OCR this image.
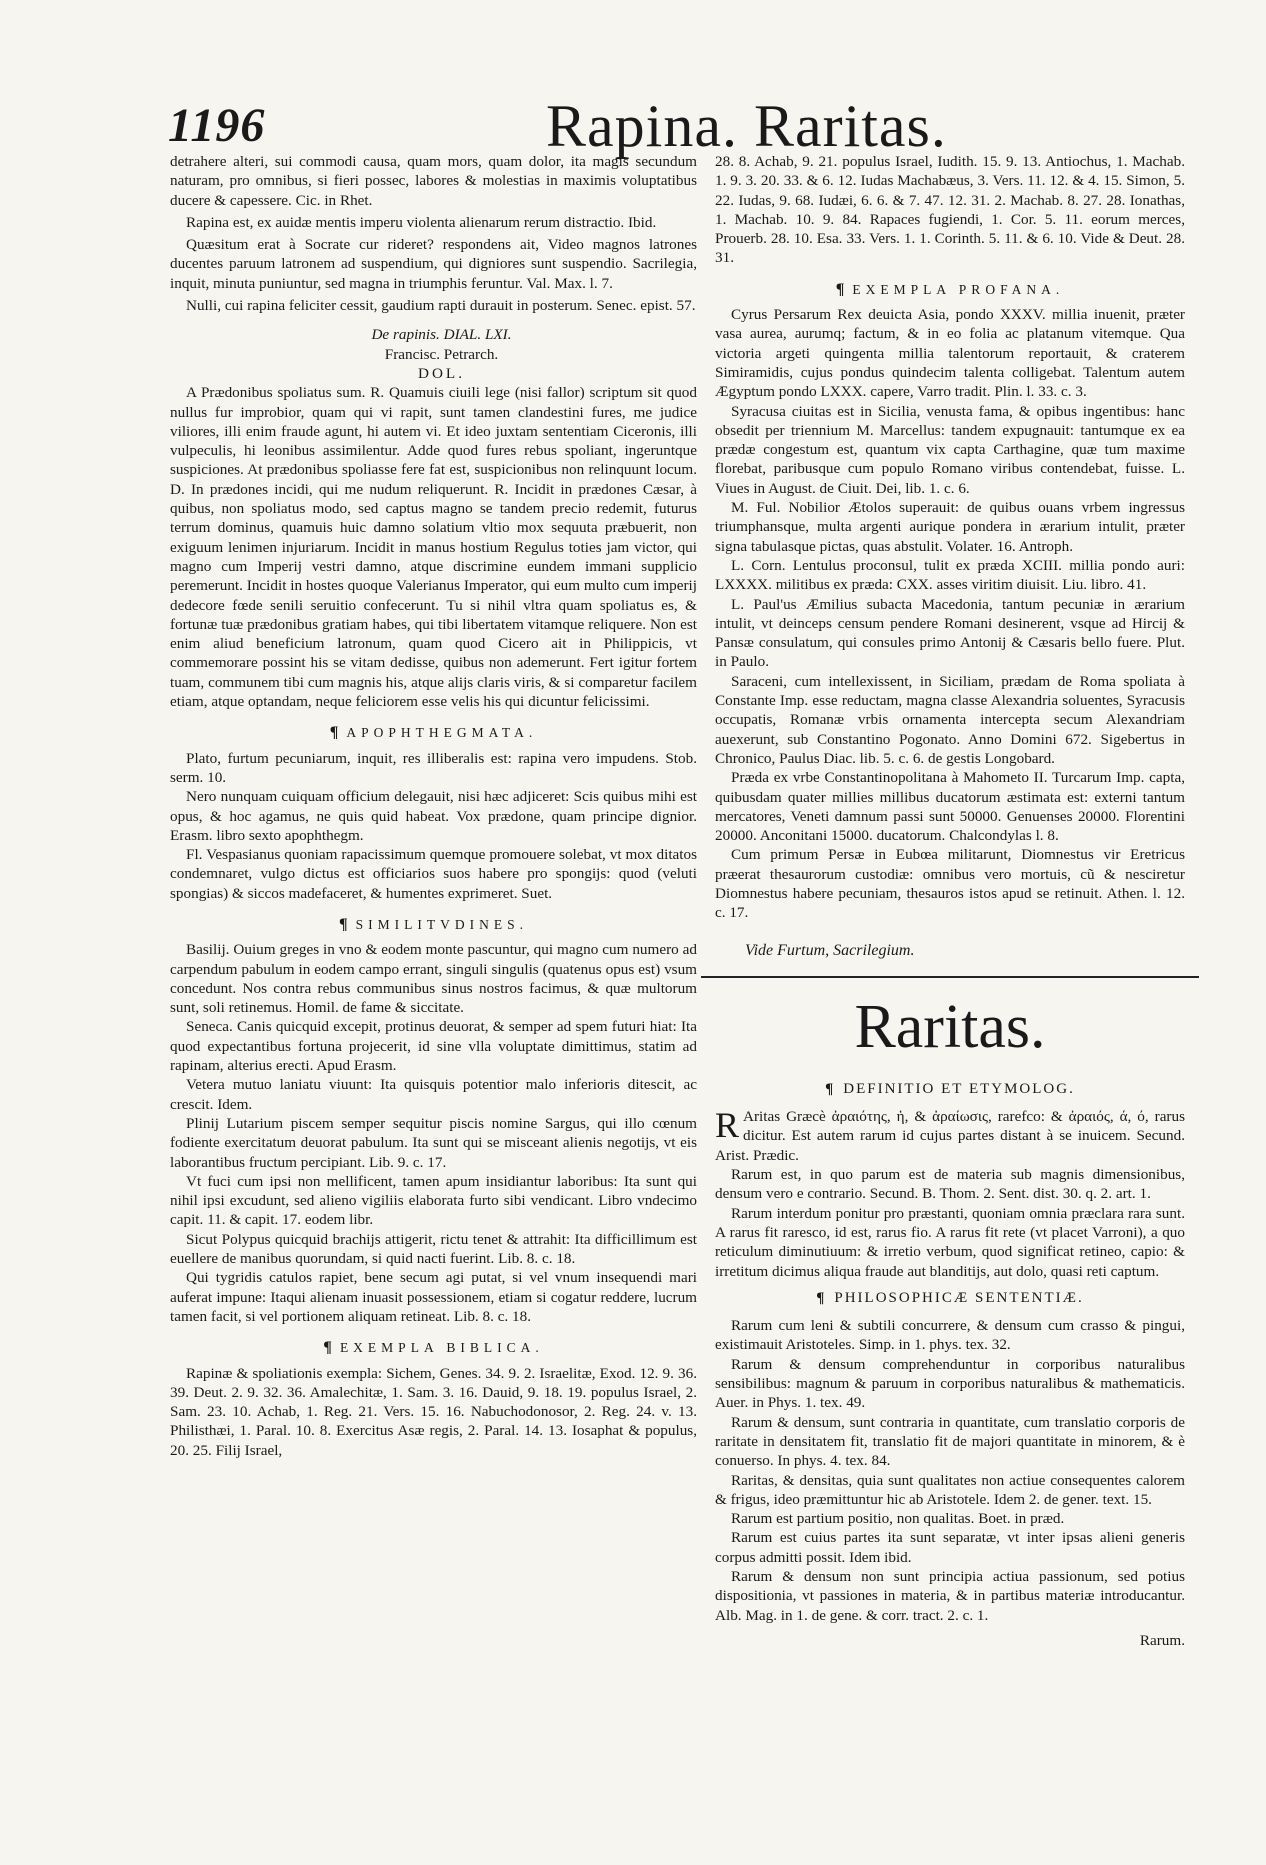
1196	Rapina. Raritas.

detrahere alteri, sui commodi causa, quam mors, quam dolor, ita magis secundum naturam, pro omnibus, si fieri possec, labores & molestias in maximis voluptatibus ducere & capessere. Cic. in Rhet.

Rapina est, ex auidæ mentis imperu violenta alienarum rerum distractio. Ibid.

Quæsitum erat à Socrate cur rideret? respondens ait, Video magnos latrones ducentes paruum latronem ad suspendium, qui digniores sunt suspendio. Sacrilegia, inquit, minuta puniuntur, sed magna in triumphis feruntur. Val. Max. l. 7.

Nulli, cui rapina feliciter cessit, gaudium rapti durauit in posterum. Senec. epist. 57.

De rapinis. DIAL. LXI.

Francisc. Petrarch.

DOL.

A Prædonibus spoliatus sum. R. Quamuis ciuili lege (nisi fallor) scriptum sit quod nullus fur improbior, quam qui vi rapit, sunt tamen clandestini fures, me judice viliores, illi enim fraude agunt, hi autem vi. Et ideo juxtam sententiam Ciceronis, illi vulpeculis, hi leonibus assimilentur. Adde quod fures rebus spoliant, ingeruntque suspiciones. At prædonibus spoliasse fere fat est, suspicionibus non relinquunt locum. D. In prædones incidi, qui me nudum reliquerunt. R. Incidit in prædones Cæsar, à quibus, non spoliatus modo, sed captus magno se tandem precio redemit, futurus terrum dominus, quamuis huic damno solatium vltio mox sequuta præbuerit, non exiguum lenimen injuriarum. Incidit in manus hostium Regulus toties jam victor, qui magno cum Imperij vestri damno, atque discrimine eundem immani supplicio peremerunt. Incidit in hostes quoque Valerianus Imperator, qui eum multo cum imperij dedecore fœde senili seruitio confecerunt. Tu si nihil vltra quam spoliatus es, & fortunæ tuæ prædonibus gratiam habes, qui tibi libertatem vitamque reliquere. Non est enim aliud beneficium latronum, quam quod Cicero ait in Philippicis, vt commemorare possint his se vitam dedisse, quibus non ademerunt. Fert igitur fortem tuam, communem tibi cum magnis his, atque alijs claris viris, & si comparetur facilem etiam, atque optandam, neque feliciorem esse velis his qui dicuntur felicissimi.

¶ APOPHTHEGMATA.

Plato, furtum pecuniarum, inquit, res illiberalis est: rapina vero impudens. Stob. serm. 10.

Nero nunquam cuiquam officium delegauit, nisi hæc adjiceret: Scis quibus mihi est opus, & hoc agamus, ne quis quid habeat. Vox prædone, quam principe dignior. Erasm. libro sexto apophthegm.

Fl. Vespasianus quoniam rapacissimum quemque promouere solebat, vt mox ditatos condemnaret, vulgo dictus est officiarios suos habere pro spongijs: quod (veluti spongias) & siccos madefaceret, & humentes exprimeret. Suet.

¶ SIMILITVDINES.

Basilij. Ouium greges in vno & eodem monte pascuntur, qui magno cum numero ad carpendum pabulum in eodem campo errant, singuli singulis (quatenus opus est) vsum concedunt. Nos contra rebus communibus sinus nostros facimus, & quæ multorum sunt, soli retinemus. Homil. de fame & siccitate.

Seneca. Canis quicquid excepit, protinus deuorat, & semper ad spem futuri hiat: Ita quod expectantibus fortuna projecerit, id sine vlla voluptate dimittimus, statim ad rapinam, alterius erecti. Apud Erasm.

Vetera mutuo laniatu viuunt: Ita quisquis potentior malo inferioris ditescit, ac crescit. Idem.

Plinij Lutarium piscem semper sequitur piscis nomine Sargus, qui illo cœnum fodiente exercitatum deuorat pabulum. Ita sunt qui se misceant alienis negotijs, vt eis laborantibus fructum percipiant. Lib. 9. c. 17.

Vt fuci cum ipsi non mellificent, tamen apum insidiantur laboribus: Ita sunt qui nihil ipsi excudunt, sed alieno vigiliis elaborata furto sibi vendicant. Libro vndecimo capit. 11. & capit. 17. eodem libr.

Sicut Polypus quicquid brachijs attigerit, rictu tenet & attrahit: Ita difficillimum est euellere de manibus quorundam, si quid nacti fuerint. Lib. 8. c. 18.

Qui tygridis catulos rapiet, bene secum agi putat, si vel vnum insequendi mari auferat impune: Itaqui alienam inuasit possessionem, etiam si cogatur reddere, lucrum tamen facit, si vel portionem aliquam retineat. Lib. 8. c. 18.

¶ EXEMPLA BIBLICA.

Rapinæ & spoliationis exempla: Sichem, Genes. 34. 9. 2. Israelitæ, Exod. 12. 9. 36. 39. Deut. 2. 9. 32. 36. Amalechitæ, 1. Sam. 3. 16. Dauid, 9. 18. 19. populus Israel, 2. Sam. 23. 10. Achab, 1. Reg. 21. Vers. 15. 16. Nabuchodonosor, 2. Reg. 24. v. 13. Philisthæi, 1. Paral. 10. 8. Exercitus Asæ regis, 2. Paral. 14. 13. Iosaphat & populus, 20. 25. Filij Israel,

28. 8. Achab, 9. 21. populus Israel, Iudith. 15. 9. 13. Antiochus, 1. Machab. 1. 9. 3. 20. 33. & 6. 12. Iudas Machabæus, 3. Vers. 11. 12. & 4. 15. Simon, 5. 22. Iudas, 9. 68. Iudæi, 6. 6. & 7. 47. 12. 31. 2. Machab. 8. 27. 28. Ionathas, 1. Machab. 10. 9. 84. Rapaces fugiendi, 1. Cor. 5. 11. eorum merces, Prouerb. 28. 10. Esa. 33. Vers. 1. 1. Corinth. 5. 11. & 6. 10. Vide & Deut. 28. 31.

¶ EXEMPLA PROFANA.

Cyrus Persarum Rex deuicta Asia, pondo XXXV. millia inuenit, præter vasa aurea, aurumq; factum, & in eo folia ac platanum vitemque. Qua victoria argeti quingenta millia talentorum reportauit, & craterem Simiramidis, cujus pondus quindecim talenta colligebat. Talentum autem Ægyptum pondo LXXX. capere, Varro tradit. Plin. l. 33. c. 3.

Syracusa ciuitas est in Sicilia, venusta fama, & opibus ingentibus: hanc obsedit per triennium M. Marcellus: tandem expugnauit: tantumque ex ea prædæ congestum est, quantum vix capta Carthagine, quæ tum maxime florebat, paribusque cum populo Romano viribus contendebat, fuisse. L. Viues in August. de Ciuit. Dei, lib. 1. c. 6.

M. Ful. Nobilior Ætolos superauit: de quibus ouans vrbem ingressus triumphansque, multa argenti aurique pondera in ærarium intulit, præter signa tabulasque pictas, quas abstulit. Volater. 16. Antroph.

L. Corn. Lentulus proconsul, tulit ex præda XCIII. millia pondo auri: LXXXX. militibus ex præda: CXX. asses viritim diuisit. Liu. libro. 41.

L. Paul'us Æmilius subacta Macedonia, tantum pecuniæ in ærarium intulit, vt deinceps censum pendere Romani desinerent, vsque ad Hircij & Pansæ consulatum, qui consules primo Antonij & Cæsaris bello fuere. Plut. in Paulo.

Saraceni, cum intellexissent, in Siciliam, prædam de Roma spoliata à Constante Imp. esse reductam, magna classe Alexandria soluentes, Syracusis occupatis, Romanæ vrbis ornamenta intercepta secum Alexandriam auexerunt, sub Constantino Pogonato. Anno Domini 672. Sigebertus in Chronico, Paulus Diac. lib. 5. c. 6. de gestis Longobard.

Præda ex vrbe Constantinopolitana à Mahometo II. Turcarum Imp. capta, quibusdam quater millies millibus ducatorum æstimata est: externi tantum mercatores, Veneti damnum passi sunt 50000. Genuenses 20000. Florentini 20000. Anconitani 15000. ducatorum. Chalcondylas l. 8.

Cum primum Persæ in Eubœa militarunt, Diomnestus vir Eretricus præerat thesaurorum custodiæ: omnibus vero mortuis, cũ & nesciretur Diomnestus habere pecuniam, thesauros istos apud se retinuit. Athen. l. 12. c. 17.

Vide Furtum, Sacrilegium.
Raritas.
¶ DEFINITIO ET ETYMOLOG.

R Aritas Græcè ἀραιότης, ἡ, & ἀραίωσις, rarefco: & ἀραιός, ά, ό, rarus dicitur. Est autem rarum id cujus partes distant à se inuicem. Secund. Arist. Prædic.

Rarum est, in quo parum est de materia sub magnis dimensionibus, densum vero e contrario. Secund. B. Thom. 2. Sent. dist. 30. q. 2. art. 1.

Rarum interdum ponitur pro præstanti, quoniam omnia præclara rara sunt. A rarus fit raresco, id est, rarus fio. A rarus fit rete (vt placet Varroni), a quo reticulum diminutiuum: & irretio verbum, quod significat retineo, capio: & irretitum dicimus aliqua fraude aut blanditijs, aut dolo, quasi reti captum.

¶ PHILOSOPHICÆ SENTENTIÆ.

Rarum cum leni & subtili concurrere, & densum cum crasso & pingui, existimauit Aristoteles. Simp. in 1. phys. tex. 32.

Rarum & densum comprehenduntur in corporibus naturalibus sensibilibus: magnum & paruum in corporibus naturalibus & mathematicis. Auer. in Phys. 1. tex. 49.

Rarum & densum, sunt contraria in quantitate, cum translatio corporis de raritate in densitatem fit, translatio fit de majori quantitate in minorem, & è conuerso. In phys. 4. tex. 84.

Raritas, & densitas, quia sunt qualitates non actiue consequentes calorem & frigus, ideo præmittuntur hic ab Aristotele. Idem 2. de gener. text. 15.

Rarum est partium positio, non qualitas. Boet. in præd.

Rarum est cuius partes ita sunt separatæ, vt inter ipsas alieni generis corpus admitti possit. Idem ibid.

Rarum & densum non sunt principia actiua passionum, sed potius dispositionia, vt passiones in materia, & in partibus materiæ introducantur. Alb. Mag. in 1. de gene. & corr. tract. 2. c. 1.

Rarum.
